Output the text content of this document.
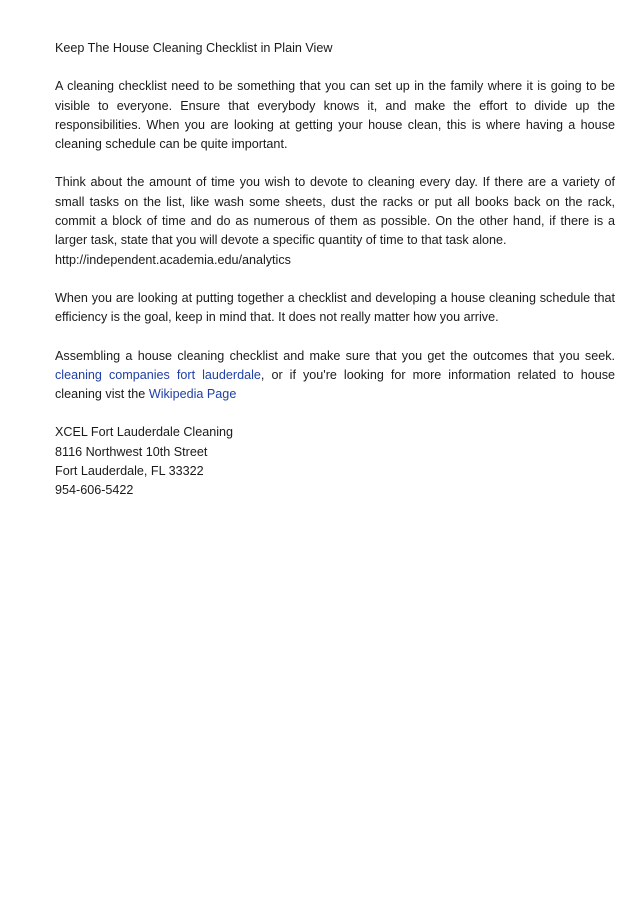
Keep The House Cleaning Checklist in Plain View

A cleaning checklist need to be something that you can set up in the family where it is going to be visible to everyone. Ensure that everybody knows it, and make the effort to divide up the responsibilities. When you are looking at getting your house clean, this is where having a house cleaning schedule can be quite important.

Think about the amount of time you wish to devote to cleaning every day. If there are a variety of small tasks on the list, like wash some sheets, dust the racks or put all books back on the rack, commit a block of time and do as numerous of them as possible. On the other hand, if there is a larger task, state that you will devote a specific quantity of time to that task alone.
http://independent.academia.edu/analytics

When you are looking at putting together a checklist and developing a house cleaning schedule that efficiency is the goal, keep in mind that. It does not really matter how you arrive.

Assembling a house cleaning checklist and make sure that you get the outcomes that you seek. cleaning companies fort lauderdale, or if you're looking for more information related to house cleaning vist the Wikipedia Page

XCEL Fort Lauderdale Cleaning
8116 Northwest 10th Street
Fort Lauderdale, FL 33322
954-606-5422
